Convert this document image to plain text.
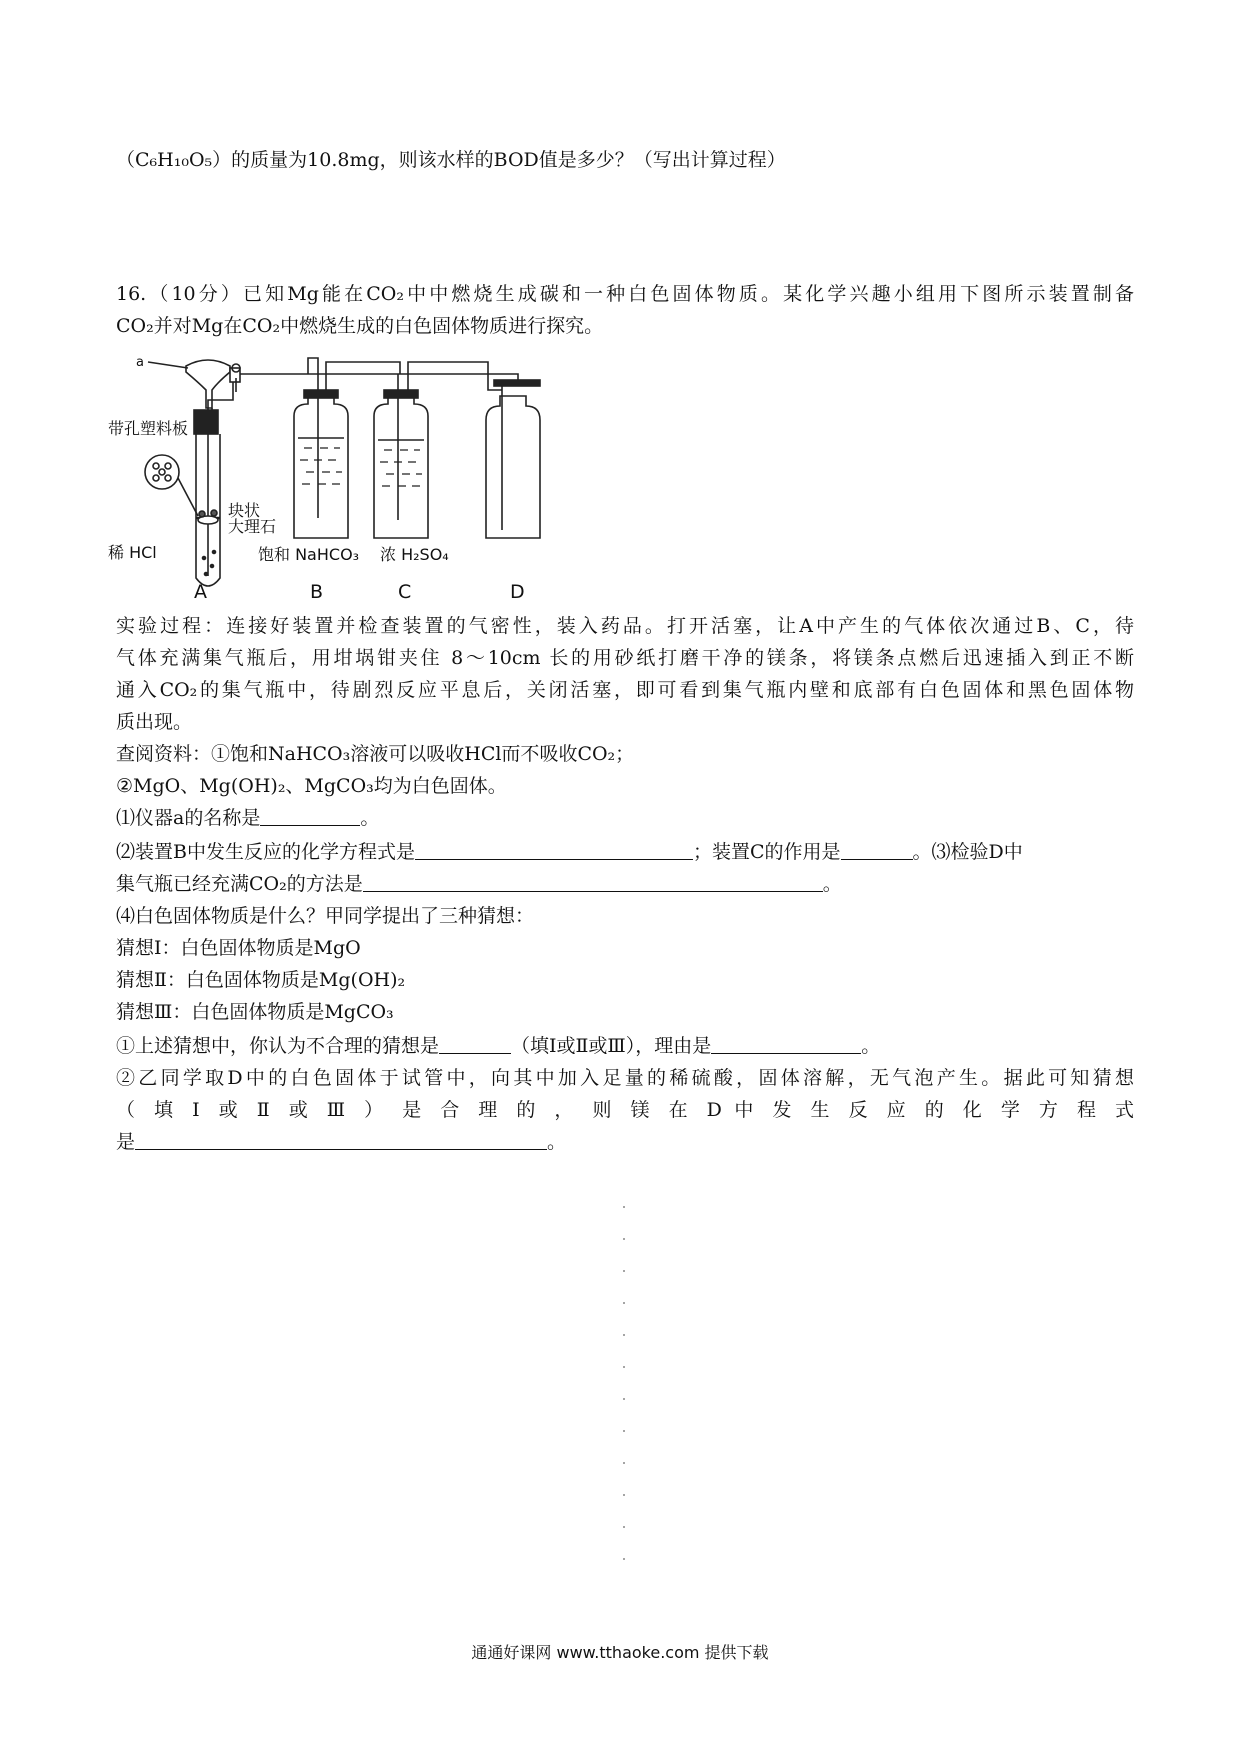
（C₆H₁₀O₅）的质量为10.8mg，则该水样的BOD值是多少？（写出计算过程）
16.（10分）已知Mg能在CO₂中中燃烧生成碳和一种白色固体物质。某化学兴趣小组用下图所示装置制备
CO₂并对Mg在CO₂中燃烧生成的白色固体物质进行探究。
a
带孔塑料板
块状
大理石
稀 HCl	饱和 NaHCO₃ 浓 H₂SO₄
A	B	C	D
实验过程：连接好装置并检查装置的气密性，装入药品。打开活塞，让A中产生的气体依次通过B、C，待
气体充满集气瓶后，用坩埚钳夹住 8～10cm 长的用砂纸打磨干净的镁条，将镁条点燃后迅速插入到正不断
通入CO₂的集气瓶中，待剧烈反应平息后，关闭活塞，即可看到集气瓶内壁和底部有白色固体和黑色固体物
质出现。
查阅资料：①饱和NaHCO₃溶液可以吸收HCl而不吸收CO₂；
②MgO、Mg(OH)₂、MgCO₃均为白色固体。
⑴仪器a的名称是	。
⑵装置B中发生反应的化学方程式是	；装置C的作用是	。⑶检验D中
集气瓶已经充满CO₂的方法是	。
⑷白色固体物质是什么？甲同学提出了三种猜想：
猜想Ⅰ：白色固体物质是MgO
猜想Ⅱ：白色固体物质是Mg(OH)₂
猜想Ⅲ：白色固体物质是MgCO₃
①上述猜想中，你认为不合理的猜想是	（填Ⅰ或Ⅱ或Ⅲ），理由是	。
②乙同学取D中的白色固体于试管中，向其中加入足量的稀硫酸，固体溶解，无气泡产生。据此可知猜想
（ 填 Ⅰ 或 Ⅱ 或 Ⅲ ） 是 合 理 的 ， 则 镁 在 D 中 发 生 反 应 的 化 学 方 程 式
是	。
通通好课网 www.tthaoke.com 提供下载
